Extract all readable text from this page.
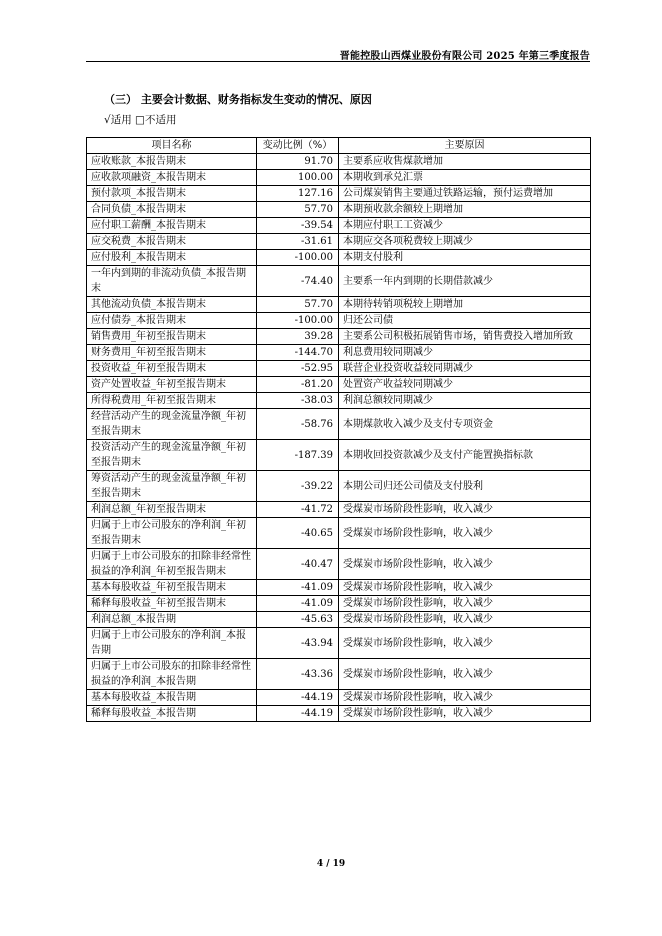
晋能控股山西煤业股份有限公司 2025 年第三季度报告
（三） 主要会计数据、财务指标发生变动的情况、原因
√适用 □不适用
项目名称	变动比例（%）	主要原因
应收账款_本报告期末	91.70	主要系应收售煤款增加
应收款项融资_本报告期末	100.00	本期收到承兑汇票
预付款项_本报告期末	127.16	公司煤炭销售主要通过铁路运输，预付运费增加
合同负债_本报告期末	57.70	本期预收款余额较上期增加
应付职工薪酬_本报告期末	-39.54	本期应付职工工资减少
应交税费_本报告期末	-31.61	本期应交各项税费较上期减少
应付股利_本报告期末	-100.00	本期支付股利
一年内到期的非流动负债_本报告期末	-74.40	主要系一年内到期的长期借款减少
其他流动负债_本报告期末	57.70	本期待转销项税较上期增加
应付债券_本报告期末	-100.00	归还公司债
销售费用_年初至报告期末	39.28	主要系公司积极拓展销售市场，销售费投入增加所致
财务费用_年初至报告期末	-144.70	利息费用较同期减少
投资收益_年初至报告期末	-52.95	联营企业投资收益较同期减少
资产处置收益_年初至报告期末	-81.20	处置资产收益较同期减少
所得税费用_年初至报告期末	-38.03	利润总额较同期减少
经营活动产生的现金流量净额_年初至报告期末	-58.76	本期煤款收入减少及支付专项资金
投资活动产生的现金流量净额_年初至报告期末	-187.39	本期收回投资款减少及支付产能置换指标款
筹资活动产生的现金流量净额_年初至报告期末	-39.22	本期公司归还公司债及支付股利
利润总额_年初至报告期末	-41.72	受煤炭市场阶段性影响，收入减少
归属于上市公司股东的净利润_年初至报告期末	-40.65	受煤炭市场阶段性影响，收入减少
归属于上市公司股东的扣除非经常性损益的净利润_年初至报告期末	-40.47	受煤炭市场阶段性影响，收入减少
基本每股收益_年初至报告期末	-41.09	受煤炭市场阶段性影响，收入减少
稀释每股收益_年初至报告期末	-41.09	受煤炭市场阶段性影响，收入减少
利润总额_本报告期	-45.63	受煤炭市场阶段性影响，收入减少
归属于上市公司股东的净利润_本报告期	-43.94	受煤炭市场阶段性影响，收入减少
归属于上市公司股东的扣除非经常性损益的净利润_本报告期	-43.36	受煤炭市场阶段性影响，收入减少
基本每股收益_本报告期	-44.19	受煤炭市场阶段性影响，收入减少
稀释每股收益_本报告期	-44.19	受煤炭市场阶段性影响，收入减少
4 / 19
